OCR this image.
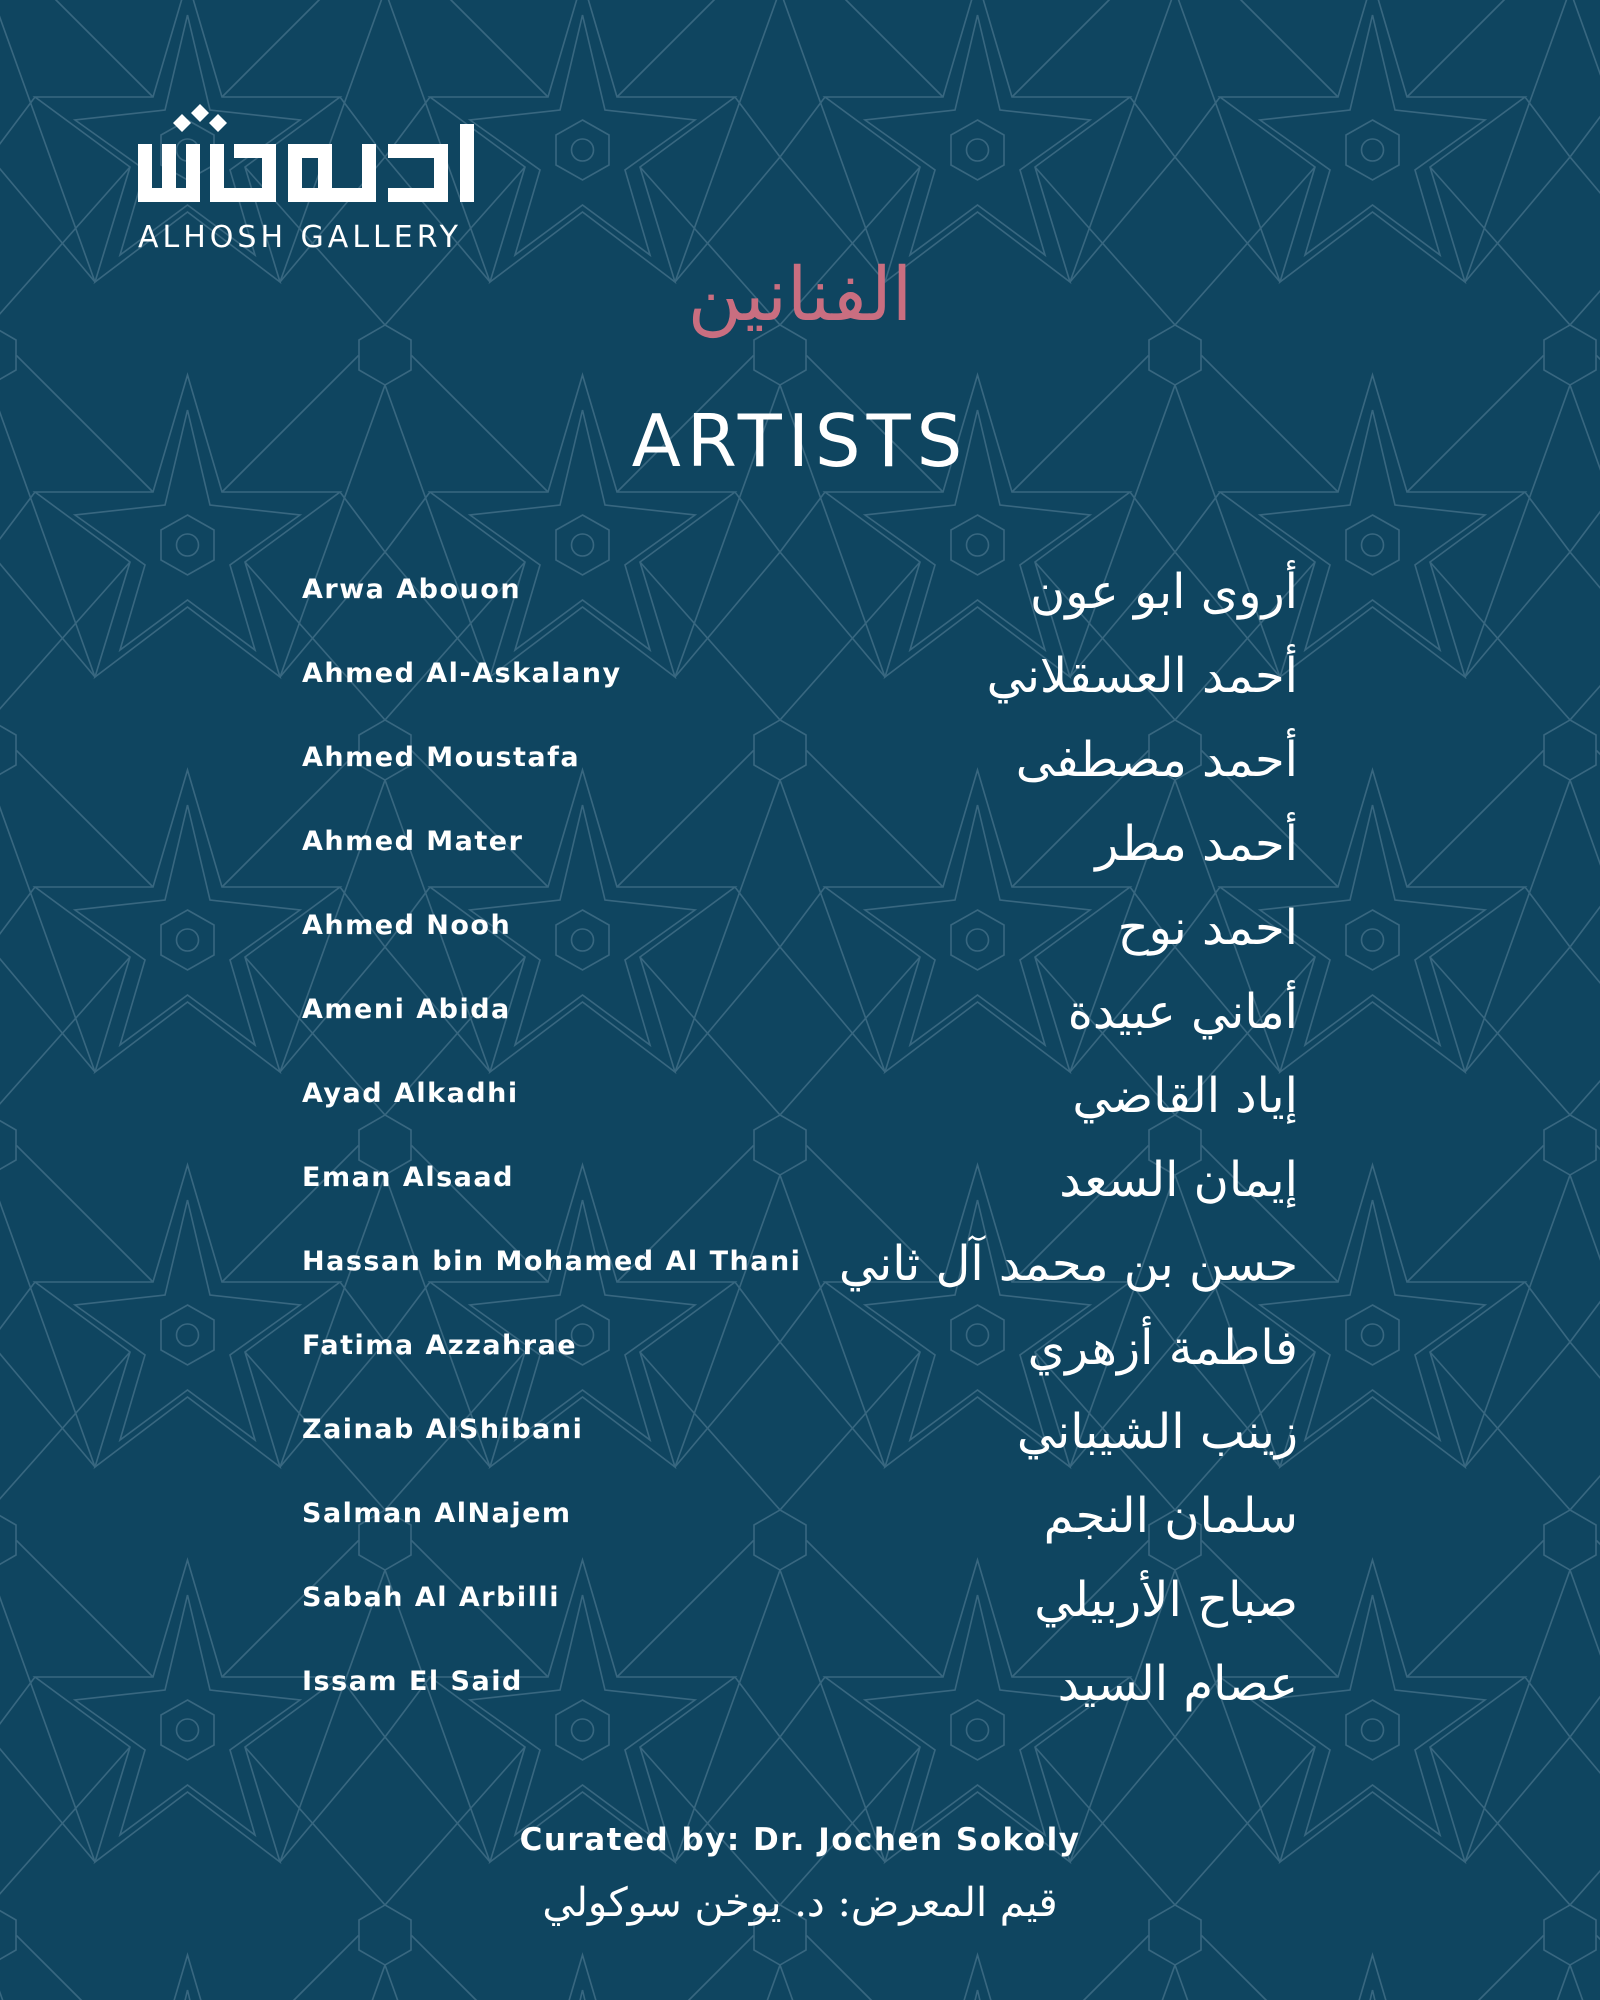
ALHOSH GALLERY
الفنانين
ARTISTS
Arwa Abouon	أروى ابو عون
Ahmed Al-Askalany	أحمد العسقلاني
Ahmed Moustafa	أحمد مصطفى
Ahmed Mater	أحمد مطر
Ahmed Nooh	احمد نوح
Ameni Abida	أماني عبيدة
Ayad Alkadhi	إياد القاضي
Eman Alsaad	إيمان السعد
Hassan bin Mohamed Al Thani حسن بن محمد آل ثاني
Fatima Azzahrae	فاطمة أزهري
Zainab AlShibani	زينب الشيباني
Salman AlNajem	سلمان النجم
Sabah Al Arbilli	صباح الأربيلي
Issam El Said	عصام السيد
Curated by: Dr. Jochen Sokoly
قيم المعرض: د. يوخن سوكولي
